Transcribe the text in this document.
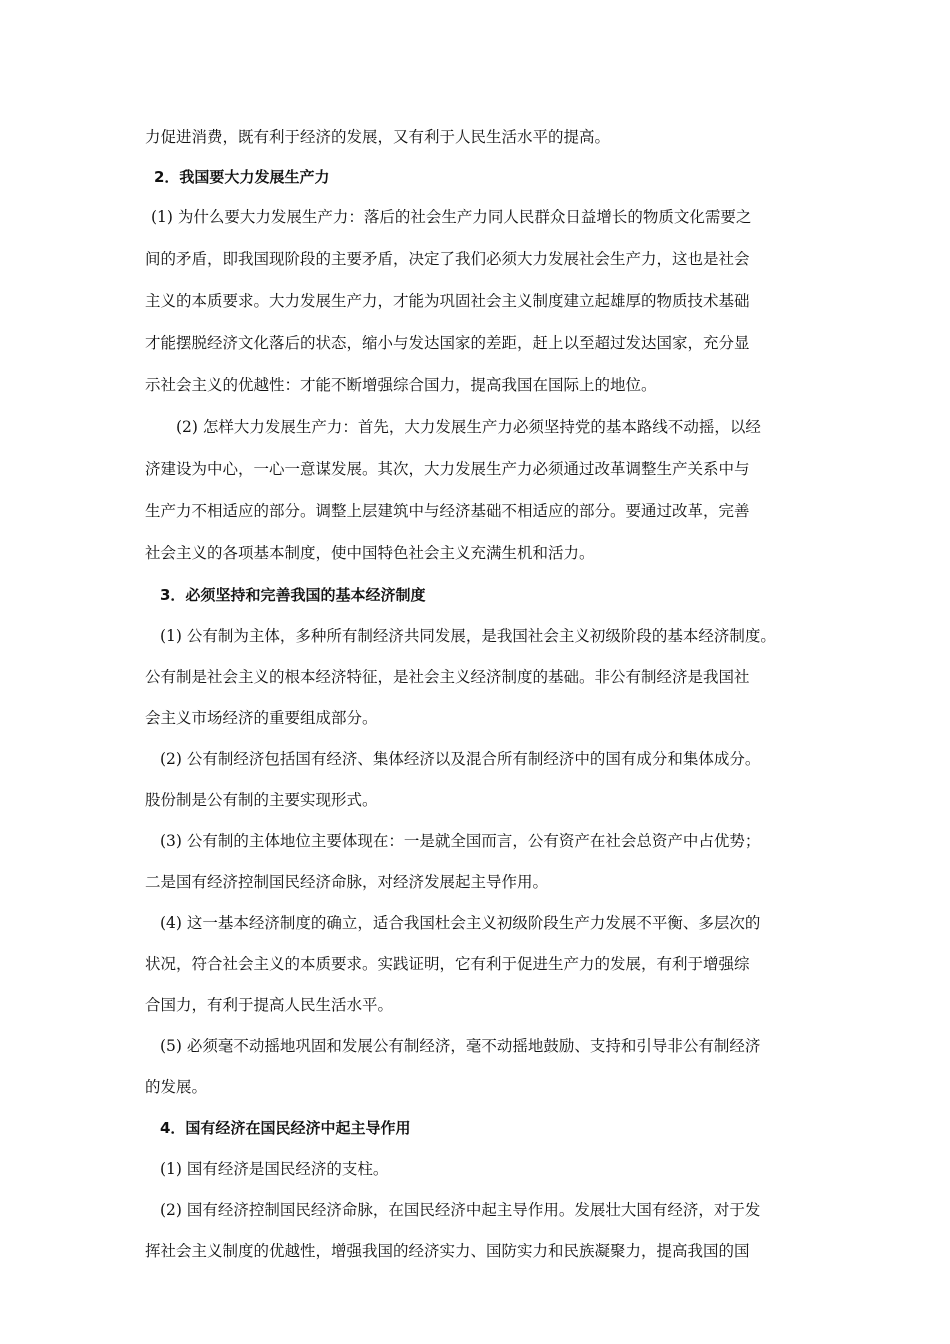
力促进消费，既有利于经济的发展，又有利于人民生活水平的提高。
2．我国要大力发展生产力
(1) 为什么要大力发展生产力：落后的社会生产力同人民群众日益增长的物质文化需要之
间的矛盾，即我国现阶段的主要矛盾，决定了我们必须大力发展社会生产力，这也是社会
主义的本质要求。大力发展生产力，才能为巩固社会主义制度建立起雄厚的物质技术基础
才能摆脱经济文化落后的状态，缩小与发达国家的差距，赶上以至超过发达国家，充分显
示社会主义的优越性：才能不断增强综合国力，提高我国在国际上的地位。
(2) 怎样大力发展生产力：首先，大力发展生产力必须坚持党的基本路线不动摇，以经
济建设为中心，一心一意谋发展。其次，大力发展生产力必须通过改革调整生产关系中与
生产力不相适应的部分。调整上层建筑中与经济基础不相适应的部分。要通过改革，完善
社会主义的各项基本制度，使中国特色社会主义充满生机和活力。
3．必须坚持和完善我国的基本经济制度
(1) 公有制为主体，多种所有制经济共同发展，是我国社会主义初级阶段的基本经济制度。
公有制是社会主义的根本经济特征，是社会主义经济制度的基础。非公有制经济是我国社
会主义市场经济的重要组成部分。
(2) 公有制经济包括国有经济、集体经济以及混合所有制经济中的国有成分和集体成分。
股份制是公有制的主要实现形式。
(3) 公有制的主体地位主要体现在：一是就全国而言，公有资产在社会总资产中占优势；
二是国有经济控制国民经济命脉，对经济发展起主导作用。
(4) 这一基本经济制度的确立，适合我国杜会主义初级阶段生产力发展不平衡、多层次的
状况，符合社会主义的本质要求。实践证明，它有利于促进生产力的发展，有利于增强综
合国力，有利于提高人民生活水平。
(5) 必须毫不动摇地巩固和发展公有制经济，毫不动摇地鼓励、支持和引导非公有制经济
的发展。
4．国有经济在国民经济中起主导作用
(1) 国有经济是国民经济的支柱。
(2) 国有经济控制国民经济命脉，在国民经济中起主导作用。发展壮大国有经济，对于发
挥社会主义制度的优越性，增强我国的经济实力、国防实力和民族凝聚力，提高我国的国
